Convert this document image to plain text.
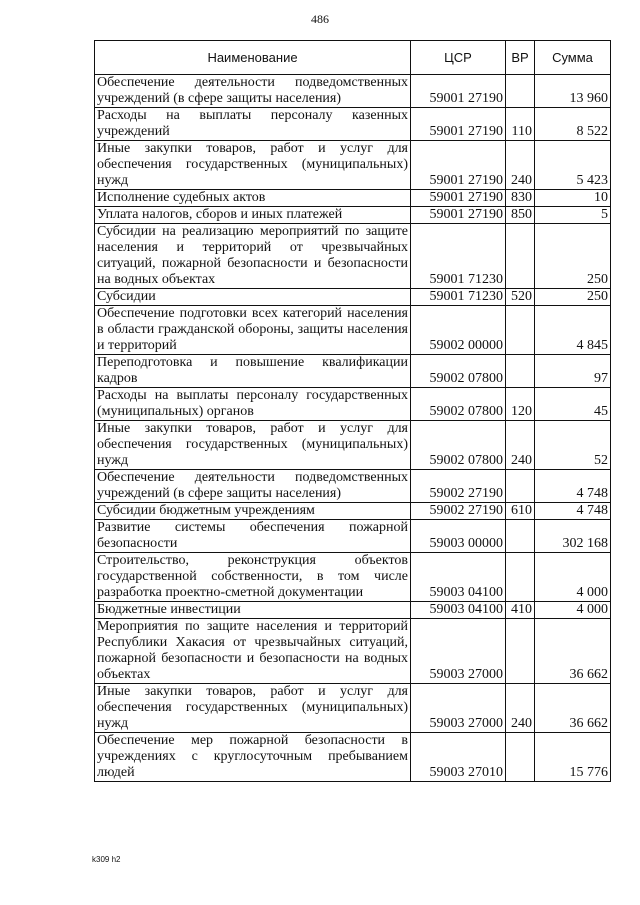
486
Наименование	ЦСР	ВР	Сумма
Обеспечение деятельности подведомственных учреждений (в сфере защиты населения)	59001 27190		13 960
Расходы на выплаты персоналу казенных учреждений	59001 27190	110	8 522
Иные закупки товаров, работ и услуг для обеспечения государственных (муниципальных) нужд	59001 27190	240	5 423
Исполнение судебных актов	59001 27190	830	10
Уплата налогов, сборов и иных платежей	59001 27190	850	5
Субсидии на реализацию мероприятий по защите населения и территорий от чрезвычайных ситуаций, пожарной безопасности и безопасности на водных объектах	59001 71230		250
Субсидии	59001 71230	520	250
Обеспечение подготовки всех категорий населения в области гражданской обороны, защиты населения и территорий	59002 00000		4 845
Переподготовка и повышение квалификации кадров	59002 07800		97
Расходы на выплаты персоналу государственных (муниципальных) органов	59002 07800	120	45
Иные закупки товаров, работ и услуг для обеспечения государственных (муниципальных) нужд	59002 07800	240	52
Обеспечение деятельности подведомственных учреждений (в сфере защиты населения)	59002 27190		4 748
Субсидии бюджетным учреждениям	59002 27190	610	4 748
Развитие системы обеспечения пожарной безопасности	59003 00000		302 168
Строительство, реконструкция объектов государственной собственности, в том числе разработка проектно-сметной документации	59003 04100		4 000
Бюджетные инвестиции	59003 04100	410	4 000
Мероприятия по защите населения и территорий Республики Хакасия от чрезвычайных ситуаций, пожарной безопасности и безопасности на водных объектах	59003 27000		36 662
Иные закупки товаров, работ и услуг для обеспечения государственных (муниципальных) нужд	59003 27000	240	36 662
Обеспечение мер пожарной безопасности в учреждениях с круглосуточным пребыванием людей	59003 27010		15 776
k309 h2
